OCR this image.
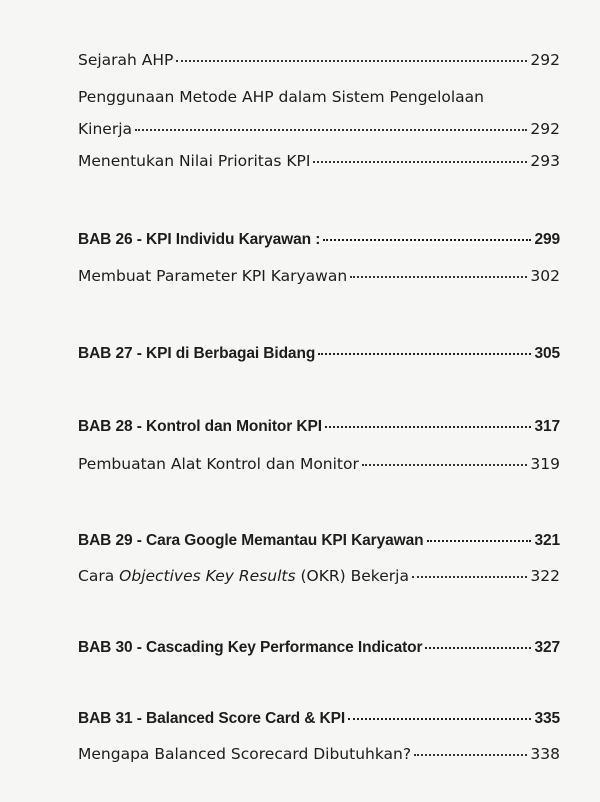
Sejarah AHP	292
Penggunaan Metode AHP dalam Sistem Pengelolaan
Kinerja	292
Menentukan Nilai Prioritas KPI	293
BAB 26 - KPI Individu Karyawan :	299
Membuat Parameter KPI Karyawan	302
BAB 27 - KPI di Berbagai Bidang	305
BAB 28 - Kontrol dan Monitor KPI	317
Pembuatan Alat Kontrol dan Monitor	319
BAB 29 - Cara Google Memantau KPI Karyawan	321
Cara Objectives Key Results (OKR) Bekerja	322
BAB 30 - Cascading Key Performance Indicator	327
BAB 31 - Balanced Score Card & KPI	335
Mengapa Balanced Scorecard Dibutuhkan?	338
